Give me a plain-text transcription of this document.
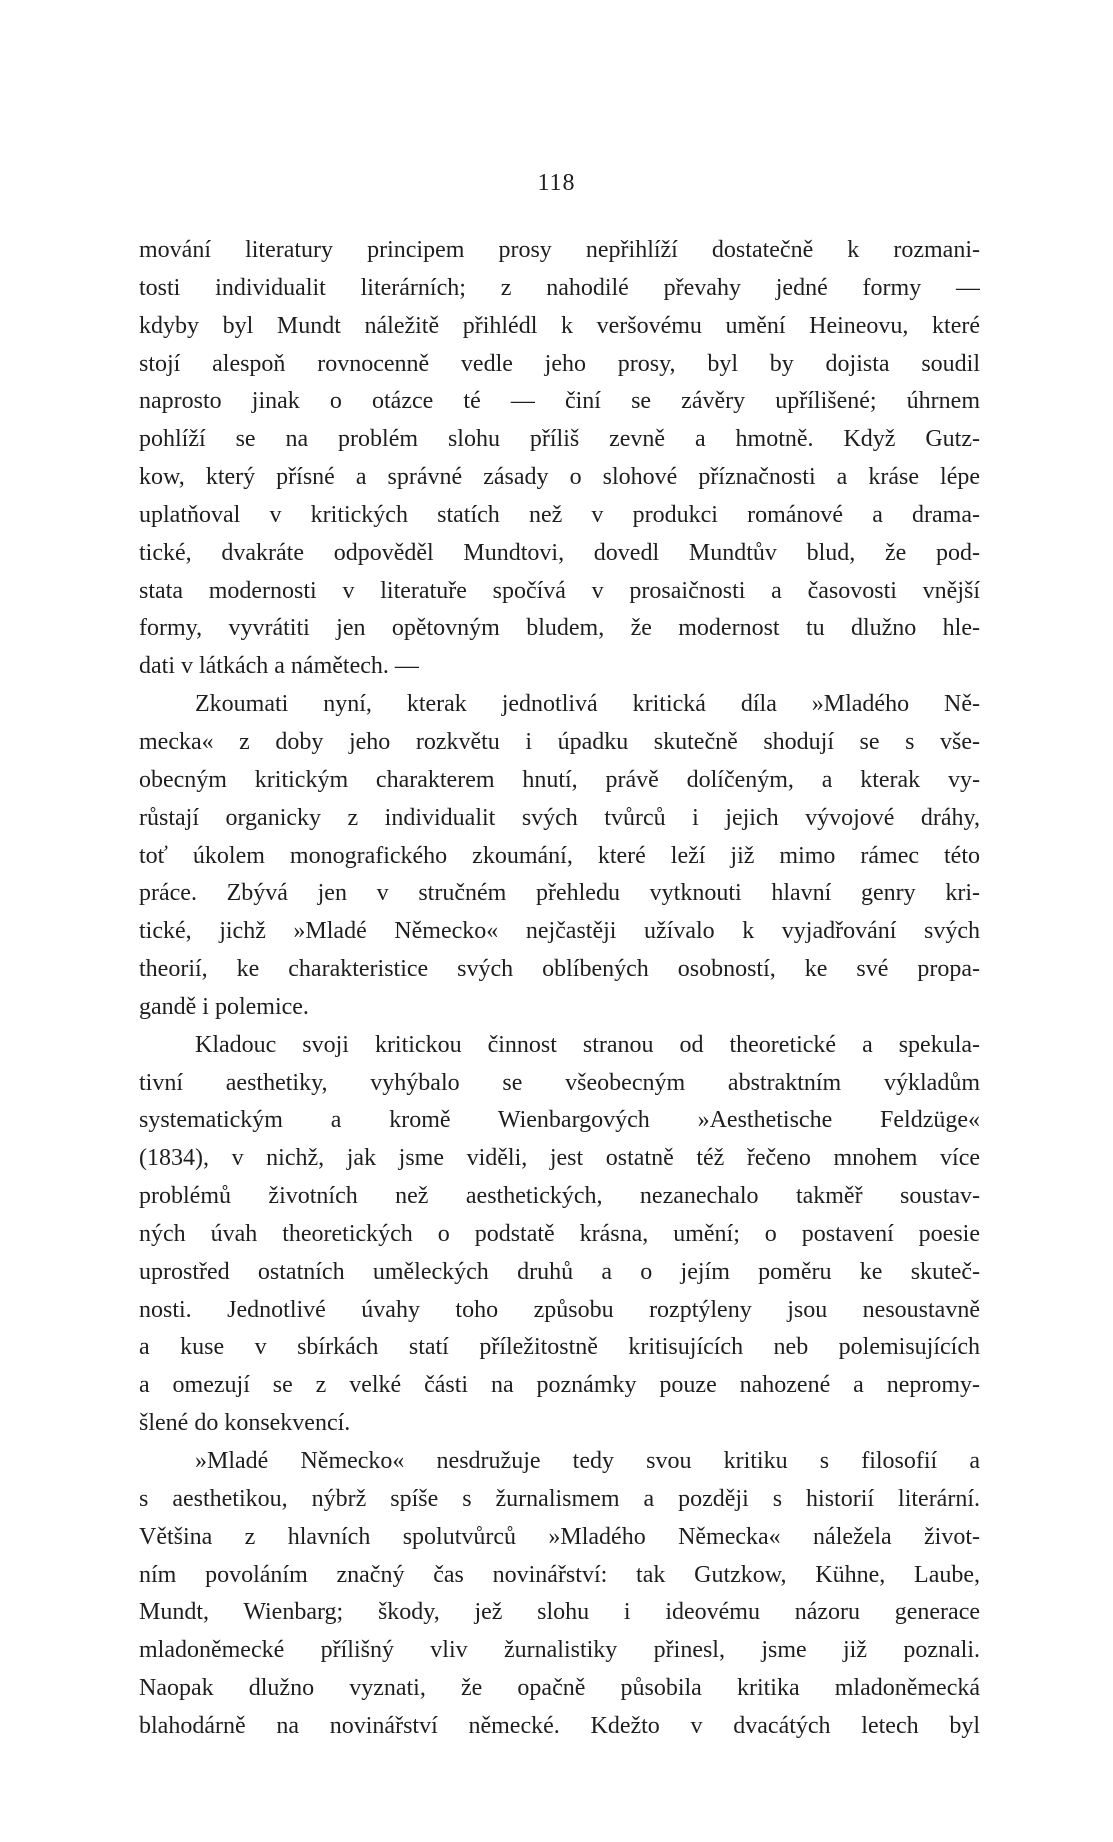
118
mování literatury principem prosy nepřihlíží dostatečně k rozmani-
tosti individualit literárních; z nahodilé převahy jedné formy —
kdyby byl Mundt náležitě přihlédl k veršovému umění Heineovu, které
stojí alespoň rovnocenně vedle jeho prosy, byl by dojista soudil
naprosto jinak o otázce té — činí se závěry upřílišené; úhrnem
pohlíží se na problém slohu příliš zevně a hmotně. Když Gutz-
kow, který přísné a správné zásady o slohové příznačnosti a kráse lépe
uplatňoval v kritických statích než v produkci románové a drama-
tické, dvakráte odpověděl Mundtovi, dovedl Mundtův blud, že pod-
stata modernosti v literatuře spočívá v prosaičnosti a časovosti vnější
formy, vyvrátiti jen opětovným bludem, že modernost tu dlužno hle-
dati v látkách a námětech. —
Zkoumati nyní, kterak jednotlivá kritická díla »Mladého Ně-
mecka« z doby jeho rozkvětu i úpadku skutečně shodují se s vše-
obecným kritickým charakterem hnutí, právě dolíčeným, a kterak vy-
růstají organicky z individualit svých tvůrců i jejich vývojové dráhy,
toť úkolem monografického zkoumání, které leží již mimo rámec této
práce. Zbývá jen v stručném přehledu vytknouti hlavní genry kri-
tické, jichž »Mladé Německo« nejčastěji užívalo k vyjadřování svých
theorií, ke charakteristice svých oblíbených osobností, ke své propa-
gandě i polemice.
Kladouc svoji kritickou činnost stranou od theoretické a spekula-
tivní aesthetiky, vyhýbalo se všeobecným abstraktním výkladům
systematickým a kromě Wienbargových »Aesthetische Feldzüge«
(1834), v nichž, jak jsme viděli, jest ostatně též řečeno mnohem více
problémů životních než aesthetických, nezanechalo takměř soustav-
ných úvah theoretických o podstatě krásna, umění; o postavení poesie
uprostřed ostatních uměleckých druhů a o jejím poměru ke skuteč-
nosti. Jednotlivé úvahy toho způsobu rozptýleny jsou nesoustavně
a kuse v sbírkách statí příležitostně kritisujících neb polemisujících
a omezují se z velké části na poznámky pouze nahozené a nepromy-
šlené do konsekvencí.
»Mladé Německo« nesdružuje tedy svou kritiku s filosofií a
s aesthetikou, nýbrž spíše s žurnalismem a později s historií literární.
Většina z hlavních spolutvůrců »Mladého Německa« náležela život-
ním povoláním značný čas novinářství: tak Gutzkow, Kühne, Laube,
Mundt, Wienbarg; škody, jež slohu i ideovému názoru generace
mladoněmecké přílišný vliv žurnalistiky přinesl, jsme již poznali.
Naopak dlužno vyznati, že opačně působila kritika mladoněmecká
blahodárně na novinářství německé. Kdežto v dvacátých letech byl
